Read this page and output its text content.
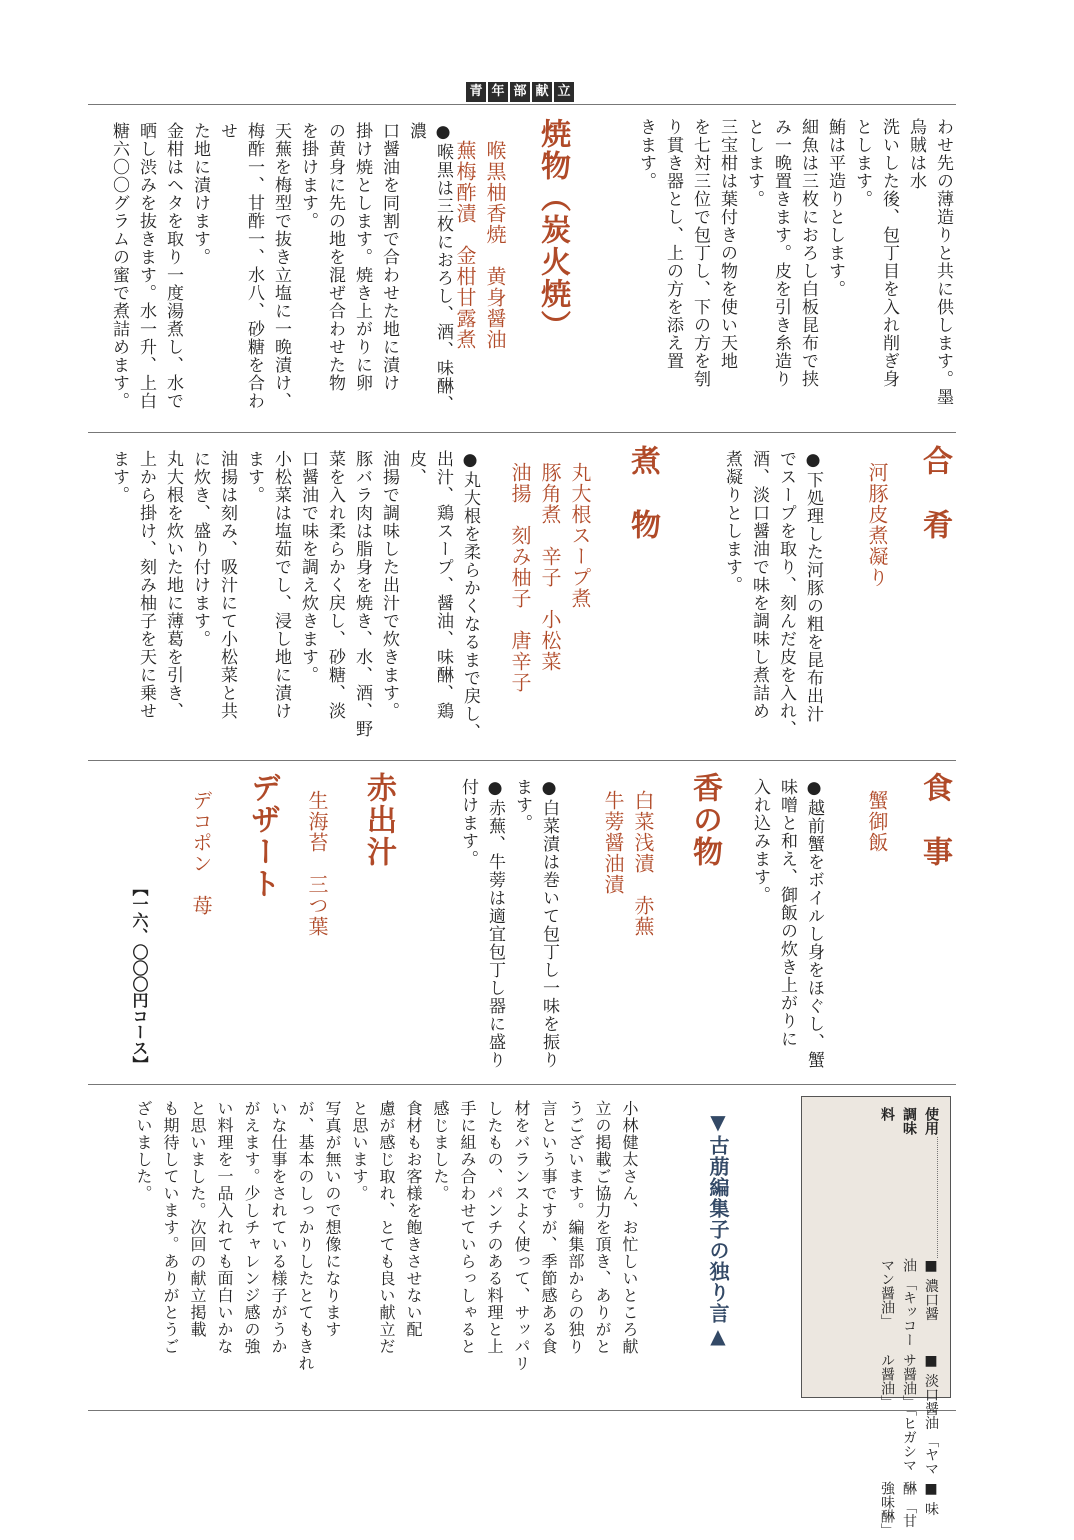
青 年 部 献 立

わせ先の薄造りと共に供します。墨烏賊は水

洗いした後、包丁目を入れ削ぎ身

とします。

鮪は平造りとします。

細魚は三枚におろし白板昆布で挟

み一晩置きます。皮を引き糸造り

とします。

三宝柑は葉付きの物を使い天地

を七対三位で包丁し、下の方を刳

り貫き器とし、上の方を添え置

きます。

焼物（炭火焼）
喉黒柚香焼　黄身醤油
蕪梅酢漬　金柑甘露煮

●喉黒は三枚におろし、酒、味醂、濃

口醤油を同割で合わせた地に漬け

掛け焼とします。焼き上がりに卵

の黄身に先の地を混ぜ合わせた物

を掛けます。

天蕪を梅型で抜き立塩に一晩漬け、

梅酢一、甘酢一、水八、砂糖を合わせ

た地に漬けます。

金柑はヘタを取り一度湯煮し、水で

晒し渋みを抜きます。水一升、上白

糖六〇〇グラムの蜜で煮詰めます。

合　肴
河豚皮煮凝り

●下処理した河豚の粗を昆布出汁

でスープを取り、刻んだ皮を入れ、

酒、淡口醤油で味を調味し煮詰め

煮凝りとします。

煮　物
丸大根スープ煮
豚角煮　辛子　小松菜
油揚　刻み柚子　唐辛子

●丸大根を柔らかくなるまで戻し、

出汁、鶏スープ、醤油、味醂、鶏皮、

油揚で調味した出汁で炊きます。

豚バラ肉は脂身を焼き、水、酒、野

菜を入れ柔らかく戻し、砂糖、淡

口醤油で味を調え炊きます。

小松菜は塩茹でし、浸し地に漬け

ます。

油揚は刻み、吸汁にて小松菜と共

に炊き、盛り付けます。

丸大根を炊いた地に薄葛を引き、

上から掛け、刻み柚子を天に乗せ

ます。

食　事
蟹御飯

●越前蟹をボイルし身をほぐし、蟹

味噌と和え、御飯の炊き上がりに

入れ込みます。

香の物
白菜浅漬　赤蕪
牛蒡醤油漬

●白菜漬は巻いて包丁し一味を振り

ます。

●赤蕪、牛蒡は適宜包丁し器に盛り

付けます。

赤出汁
生海苔　三つ葉
デザート
デコポン　苺
【一六、〇〇〇円コース】
使用調味料
■ 濃口醤油 「キッコーマン醤油」
■ 淡口醤油 「ヤマサ醤油」「ヒガシマル醤油」
■ 味醂 「甘強味醂」
▼古萠編集子の独り言▲

小林健太さん、お忙しいところ献

立の掲載ご協力を頂き、ありがと

うございます。編集部からの独り

言という事ですが、季節感ある食

材をバランスよく使って、サッパリ

したもの、パンチのある料理と上

手に組み合わせていらっしゃると

感じました。

食材もお客様を飽きさせない配

慮が感じ取れ、とても良い献立だ

と思います。

写真が無いので想像になります

が、基本のしっかりしたとてもきれ

いな仕事をされている様子がうか

がえます。少しチャレンジ感の強

い料理を一品入れても面白いかな

と思いました。次回の献立掲載

も期待しています。ありがとうご

ざいました。
